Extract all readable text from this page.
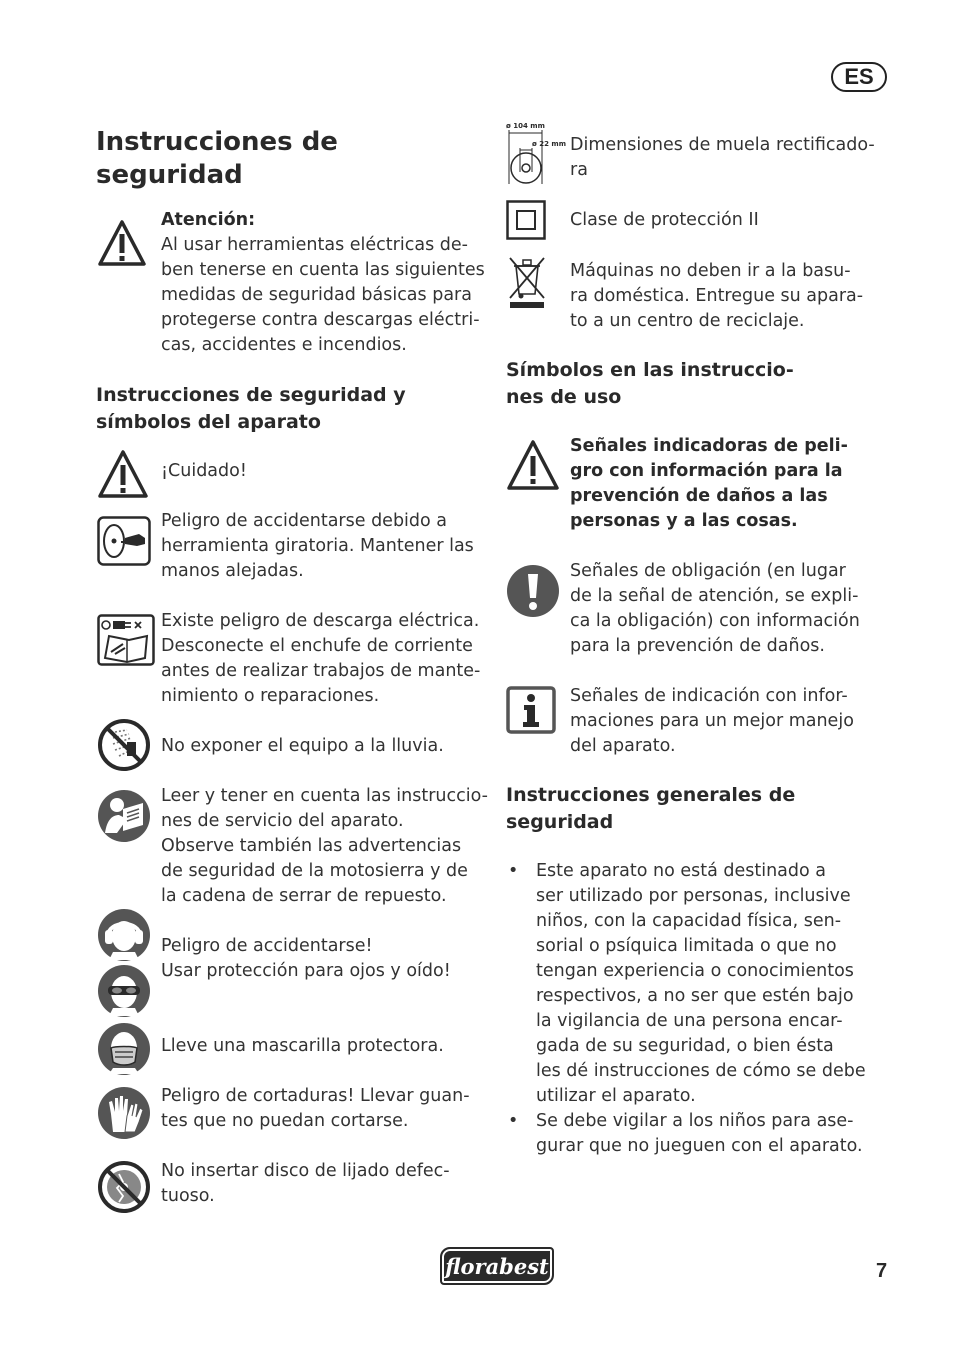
ES
Instrucciones de
seguridad

Atención:

Al usar herramientas eléctricas de-
ben tenerse en cuenta las siguientes
medidas de seguridad básicas para
protegerse contra descargas eléctri-
cas, accidentes e incendios.

Instrucciones de seguridad y
símbolos del aparato

¡Cuidado!

Peligro de accidentarse debido a
herramienta giratoria. Mantener las
manos alejadas.

Existe peligro de descarga eléctrica.
Desconecte el enchufe de corriente
antes de realizar trabajos de mante-
nimiento o reparaciones.

No exponer el equipo a la lluvia.

Leer y tener en cuenta las instruccio-
nes de servicio del aparato.
Observe también las advertencias
de seguridad de la motosierra y de
la cadena de serrar de repuesto.

Peligro de accidentarse!
Usar protección para ojos y oído!

Lleve una mascarilla protectora.

Peligro de cortaduras! Llevar guan-
tes que no puedan cortarse.

No insertar disco de lijado defec-
tuoso.

ø 104 mm
ø 22 mm Dimensiones de muela rectificado-
ra

Clase de protección II

Máquinas no deben ir a la basu-
ra doméstica. Entregue su apara-
to a un centro de reciclaje.

Símbolos en las instruccio-
nes de uso

Señales indicadoras de peli-
gro con información para la
prevención de daños a las
personas y a las cosas.

Señales de obligación (en lugar
de la señal de atención, se expli-
ca la obligación) con información
para la prevención de daños.

Señales de indicación con infor-
maciones para un mejor manejo
del aparato.

Instrucciones generales de
seguridad
• Este aparato no está destinado a
ser utilizado por personas, inclusive
niños, con la capacidad física, sen-
sorial o psíquica limitada o que no
tengan experiencia o conocimientos
respectivos, a no ser que estén bajo
la vigilancia de una persona encar-
gada de su seguridad, o bien ésta
les dé instrucciones de cómo se debe
utilizar el aparato.
• Se debe vigilar a los niños para ase-
gurar que no jueguen con el aparato.
florabest	7
